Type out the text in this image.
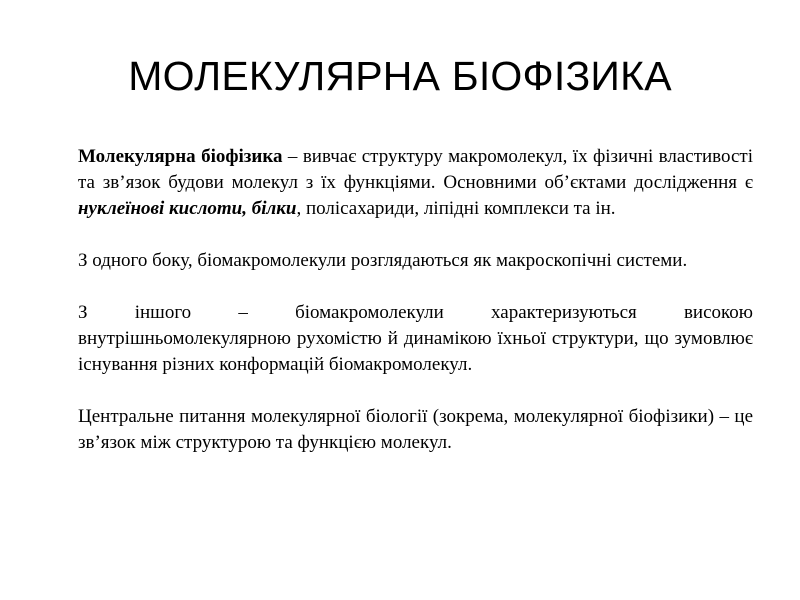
МОЛЕКУЛЯРНА БІОФІЗИКА

Молекулярна біофізика – вивчає структуру макромолекул, їх фізичні властивості та зв’язок будови молекул з їх функціями. Основними об’єктами дослідження є нуклеїнові кислоти, білки, полісахариди, ліпідні комплекси та ін.

З одного боку, біомакромолекули розглядаються як макроскопічні системи.

З іншого – біомакромолекули характеризуються високою внутрішньомолекулярною рухомістю й динамікою їхньої структури, що зумовлює існування різних конформацій біомакромолекул.

Центральне питання молекулярної біології (зокрема, молекулярної біофізики) – це зв’язок між структурою та функцією молекул.
